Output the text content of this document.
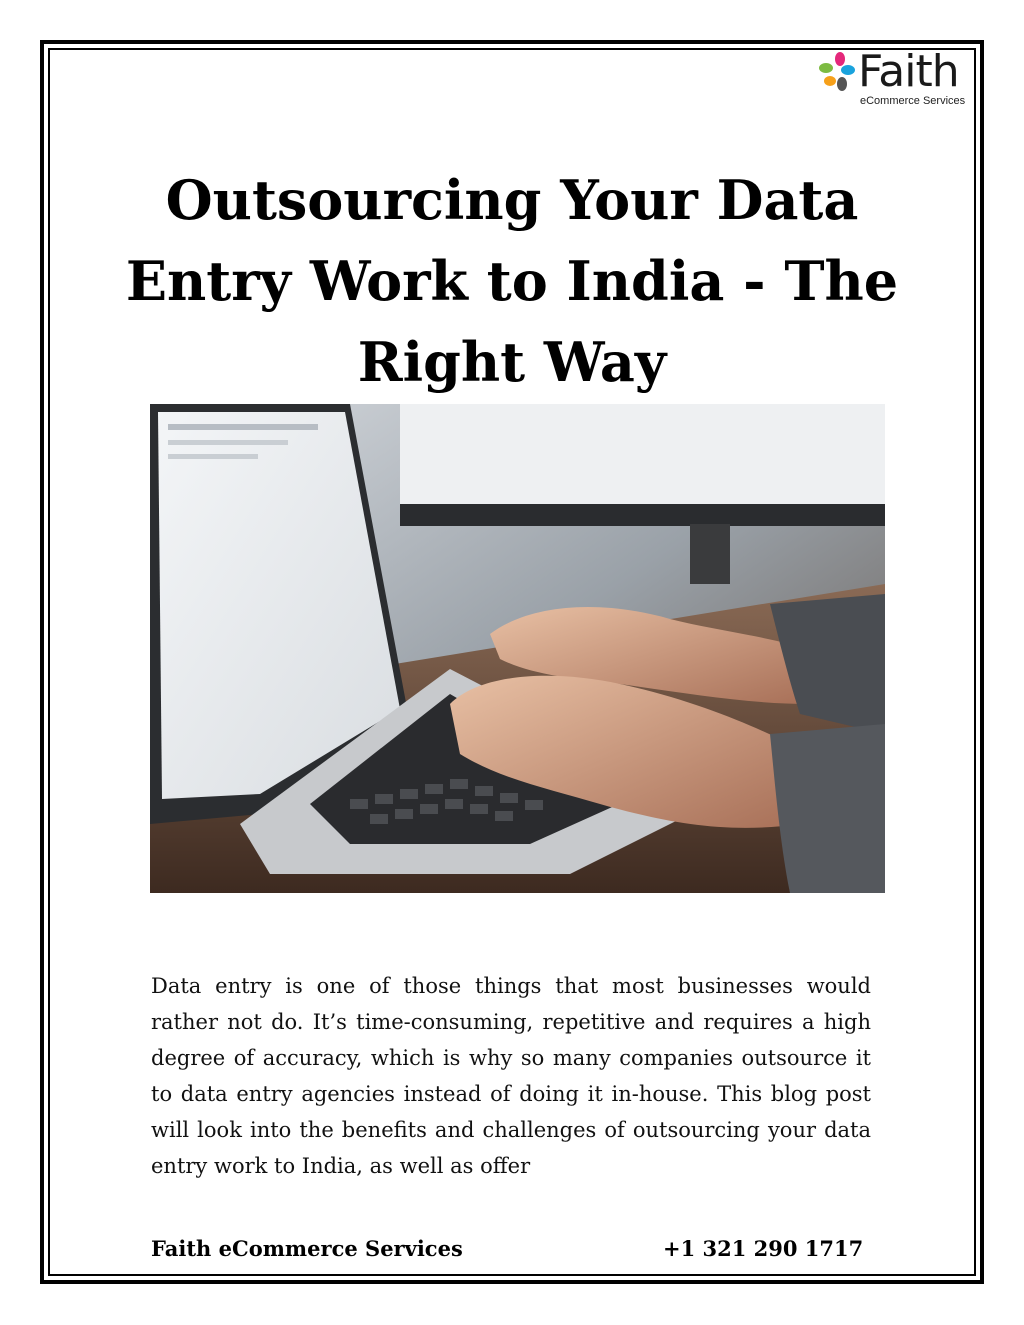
Faith
eCommerce Services
Outsourcing Your Data Entry Work to India - The Right Way

Data entry is one of those things that most businesses would rather not do. It’s time-consuming, repetitive and requires a high degree of accuracy, which is why so many companies outsource it to data entry agencies instead of doing it in-house. This blog post will look into the benefits and challenges of outsourcing your data entry work to India, as well as offer

Faith eCommerce Services	+1 321 290 1717
